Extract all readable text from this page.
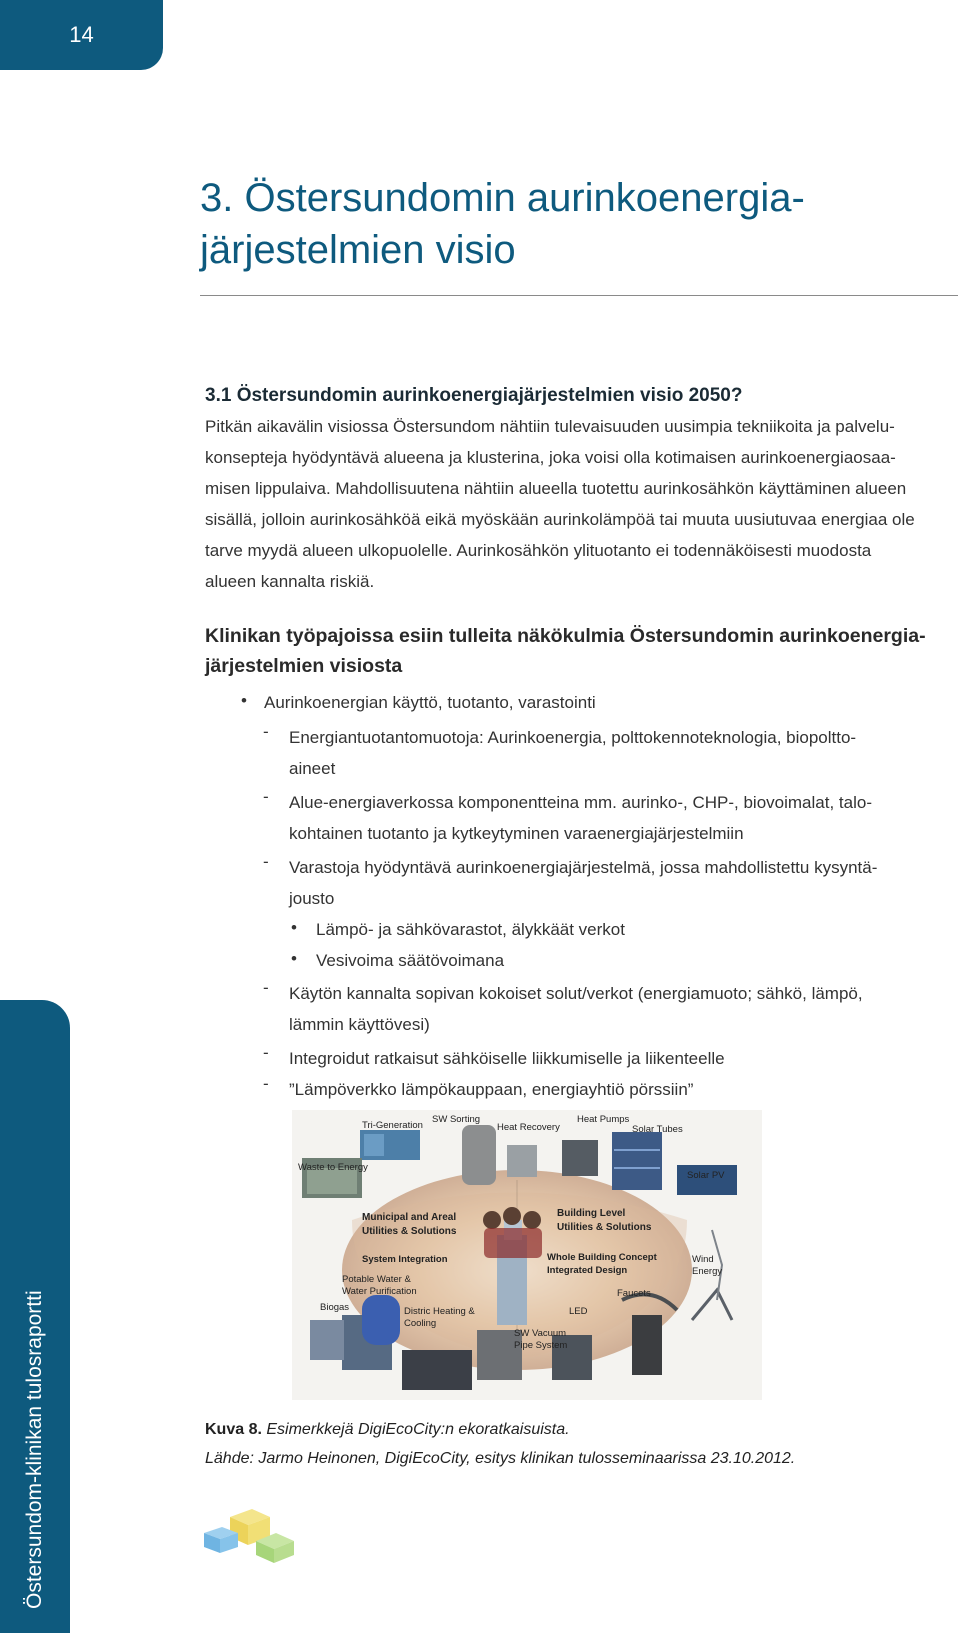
14
Östersundom-klinikan tulosraportti
3. Östersundomin aurinkoenergia-
järjestelmien visio
3.1 Östersundomin aurinkoenergiajärjestelmien visio 2050?
Pitkän aikavälin visiossa Östersundom nähtiin tulevaisuuden uusimpia tekniikoita ja palvelu-
konsepteja hyödyntävä alueena ja klusterina, joka voisi olla kotimaisen aurinkoenergiaosaa-
misen lippulaiva. Mahdollisuutena nähtiin alueella tuotettu aurinkosähkön käyttäminen alueen
sisällä, jolloin aurinkosähköä eikä myöskään aurinkolämpöä tai muuta uusiutuvaa energiaa ole
tarve myydä alueen ulkopuolelle. Aurinkosähkön ylituotanto ei todennäköisesti muodosta
alueen kannalta riskiä.
Klinikan työpajoissa esiin tulleita näkökulmia Östersundomin aurinkoenergia-
järjestelmien visiosta
• Aurinkoenergian käyttö, tuotanto, varastointi
- Energiantuotantomuotoja: Aurinkoenergia, polttokennoteknologia, biopoltto-
aineet
- Alue-energiaverkossa komponentteina mm. aurinko-, CHP-, biovoimalat, talo-
kohtainen tuotanto ja kytkeytyminen varaenergiajärjestelmiin
- Varastoja hyödyntävä aurinkoenergiajärjestelmä, jossa mahdollistettu kysyntä-
jousto
• Lämpö- ja sähkövarastot, älykkäät verkot
• Vesivoima säätövoimana
- Käytön kannalta sopivan kokoiset solut/verkot (energiamuoto; sähkö, lämpö,
lämmin käyttövesi)
- Integroidut ratkaisut sähköiselle liikkumiselle ja liikenteelle
- ”Lämpöverkko lämpökauppaan, energiayhtiö pörssiin”
Tri-Generation
SW Sorting
Heat Recovery
Heat Pumps
Solar Tubes
Waste to Energy
Solar PV
Municipal and Areal
Utilities & Solutions
Building Level
Utilities & Solutions
System Integration	Whole Building Concept
Integrated Design
Potable Water &
Water Purification
Wind
Energy
Faucets
Biogas	Distric Heating &
Cooling
LED
SW Vacuum
Pipe System
Kuva 8. Esimerkkejä DigiEcoCity:n ekoratkaisuista.
Lähde: Jarmo Heinonen, DigiEcoCity, esitys klinikan tulosseminaarissa 23.10.2012.
